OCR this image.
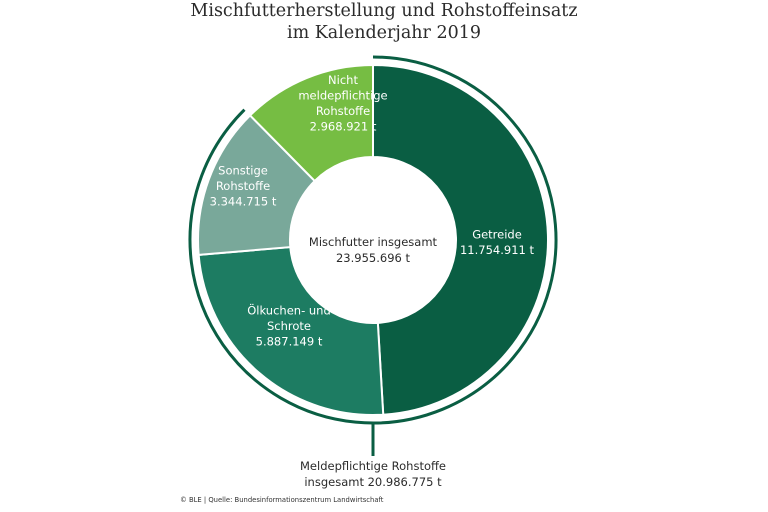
Mischfutterherstellung und Rohstoffeinsatz
im Kalenderjahr 2019
Getreide
11.754.911 t
Ölkuchen- und
Schrote
5.887.149 t
Sonstige
Rohstoffe
3.344.715 t
Nicht
meldepflichtige
Rohstoffe
2.968.921 t
Mischfutter insgesamt
23.955.696 t
Meldepflichtige Rohstoffe
insgesamt 20.986.775 t
© BLE | Quelle: Bundesinformationszentrum Landwirtschaft
